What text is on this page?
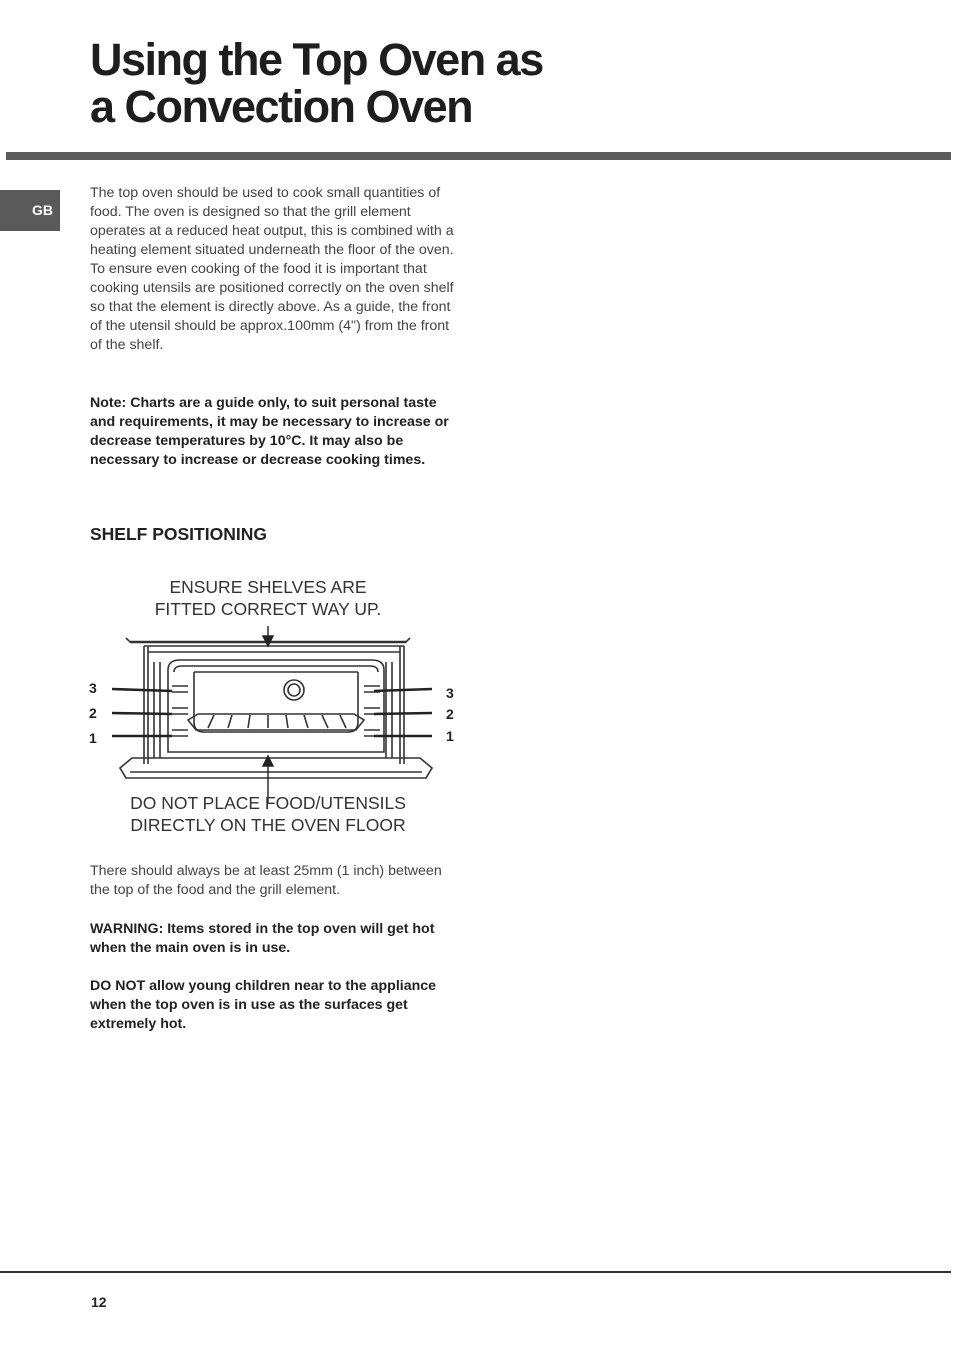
Using the Top Oven as
a Convection Oven
GB

The top oven should be used to cook small quantities of food. The oven is designed so that the grill element operates at a reduced heat output, this is combined with a heating element situated underneath the floor of the oven. To ensure even cooking of the food it is important that cooking utensils are positioned correctly on the oven shelf so that the element is directly above. As a guide, the front of the utensil should be approx.100mm (4") from the front of the shelf.

Note: Charts are a guide only, to suit personal taste and requirements, it may be necessary to increase or decrease temperatures by 10°C. It may also be necessary to increase or decrease cooking times.

SHELF POSITIONING
ENSURE SHELVES ARE
FITTED CORRECT WAY UP.
3
2
1
3
2
1
DO NOT PLACE FOOD/UTENSILS
DIRECTLY ON THE OVEN FLOOR

There should always be at least 25mm (1 inch) between the top of the food and the grill element.

WARNING: Items stored in the top oven will get hot when the main oven is in use.

DO NOT allow young children near to the appliance when the top oven is in use as the surfaces get extremely hot.

12
